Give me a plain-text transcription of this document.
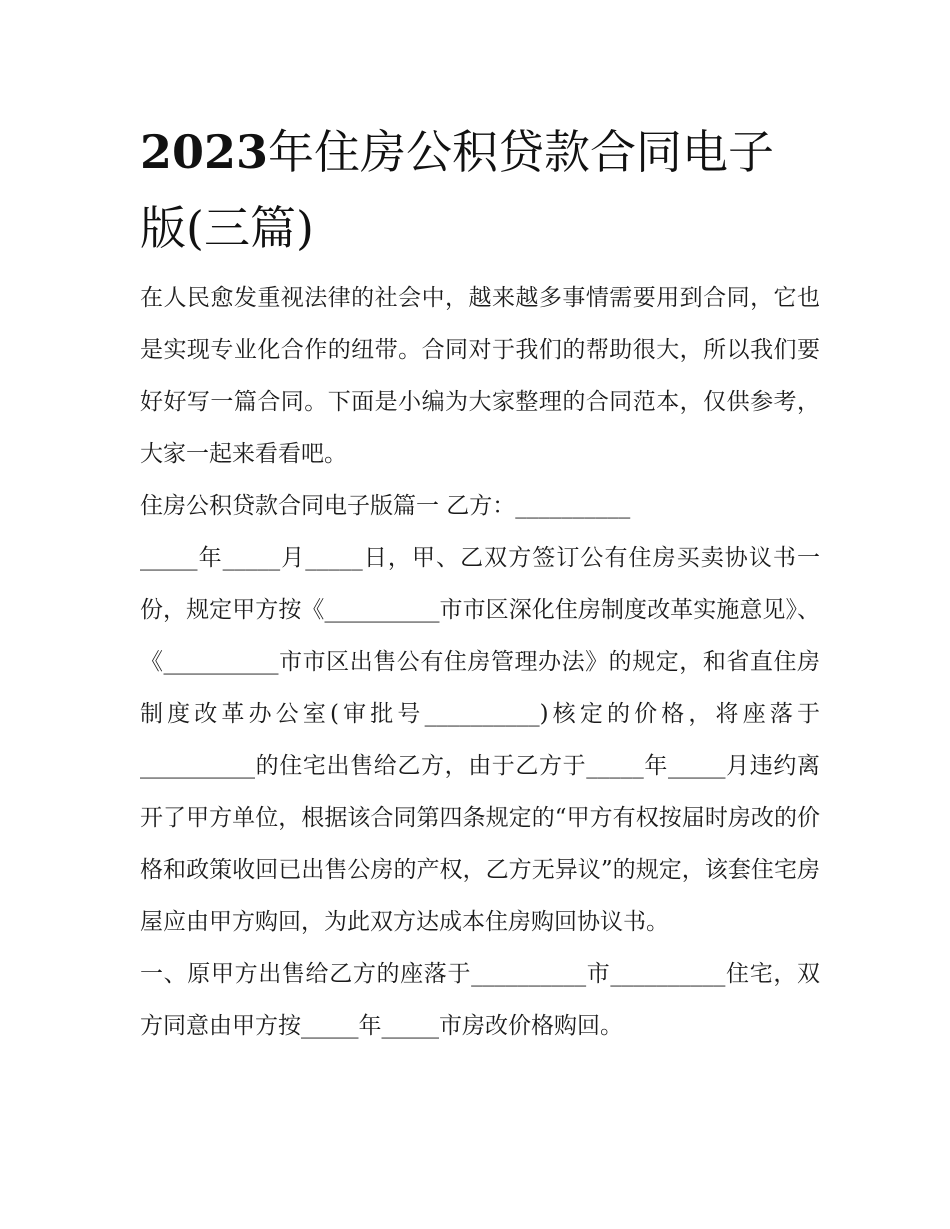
2023年住房公积贷款合同电子版(三篇)

在人民愈发重视法律的社会中，越来越多事情需要用到合同，它也是实现专业化合作的纽带。合同对于我们的帮助很大，所以我们要好好写一篇合同。下面是小编为大家整理的合同范本，仅供参考，大家一起来看看吧。

住房公积贷款合同电子版篇一 乙方：__________

_____年_____月_____日，甲、乙双方签订公有住房买卖协议书一份，规定甲方按《__________市市区深化住房制度改革实施意见》、《__________市市区出售公有住房管理办法》的规定，和省直住房制度改革办公室(审批号__________)核定的价格，将座落于__________的住宅出售给乙方，由于乙方于_____年_____月违约离开了甲方单位，根据该合同第四条规定的“甲方有权按届时房改的价格和政策收回已出售公房的产权，乙方无异议”的规定，该套住宅房屋应由甲方购回，为此双方达成本住房购回协议书。

一、原甲方出售给乙方的座落于__________市__________住宅，双方同意由甲方按_____年_____市房改价格购回。
